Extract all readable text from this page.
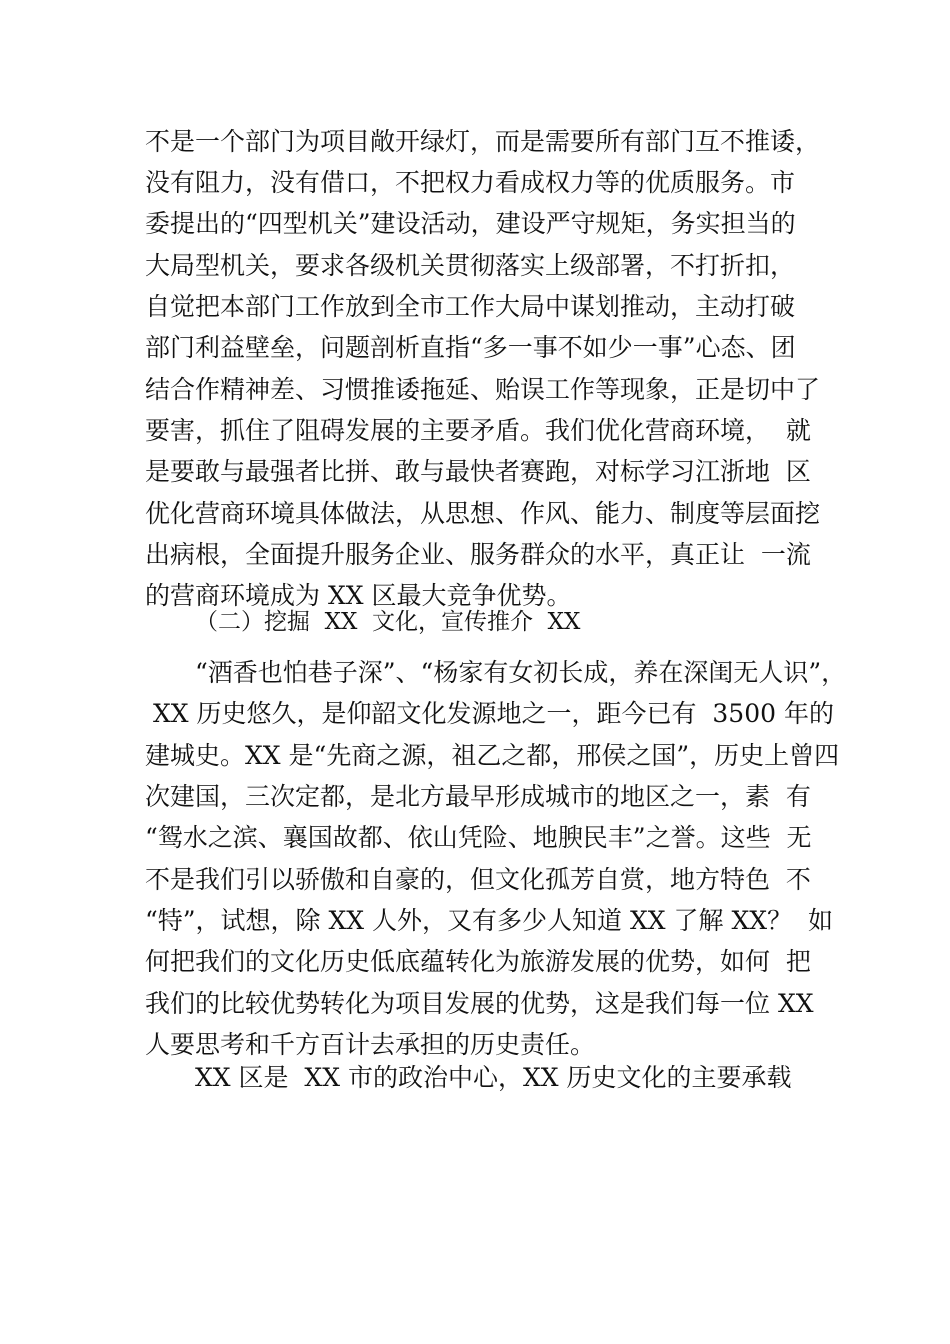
不是一个部门为项目敞开绿灯，而是需要所有部门互不推诿，
没有阻力，没有借口，不把权力看成权力等的优质服务。市
委提出的“四型机关”建设活动，建设严守规矩，务实担当的
大局型机关，要求各级机关贯彻落实上级部署，不打折扣，
自觉把本部门工作放到全市工作大局中谋划推动，主动打破
部门利益壁垒，问题剖析直指“多一事不如少一事”心态、团
结合作精神差、习惯推诿拖延、贻误工作等现象，正是切中了
要害，抓住了阻碍发展的主要矛盾。我们优化营商环境，  就
是要敢与最强者比拼、敢与最快者赛跑，对标学习江浙地  区
优化营商环境具体做法，从思想、作风、能力、制度等层面挖
出病根，全面提升服务企业、服务群众的水平，真正让  一流
的营商环境成为 XX 区最大竞争优势。
（二）挖掘  XX  文化，宣传推介  XX
“酒香也怕巷子深”、“杨家有女初长成，养在深闺无人识”，
XX 历史悠久，是仰韶文化发源地之一，距今已有  3500 年的
建城史。XX 是“先商之源，祖乙之都，邢侯之国”，历史上曾四
次建国，三次定都，是北方最早形成城市的地区之一，素  有
“鸳水之滨、襄国故都、依山凭险、地腴民丰”之誉。这些  无
不是我们引以骄傲和自豪的，但文化孤芳自赏，地方特色  不
“特”，试想，除 XX 人外，又有多少人知道 XX 了解 XX？  如
何把我们的文化历史低底蕴转化为旅游发展的优势，如何  把
我们的比较优势转化为项目发展的优势，这是我们每一位 XX
人要思考和千方百计去承担的历史责任。
XX 区是  XX 市的政治中心，XX 历史文化的主要承载
